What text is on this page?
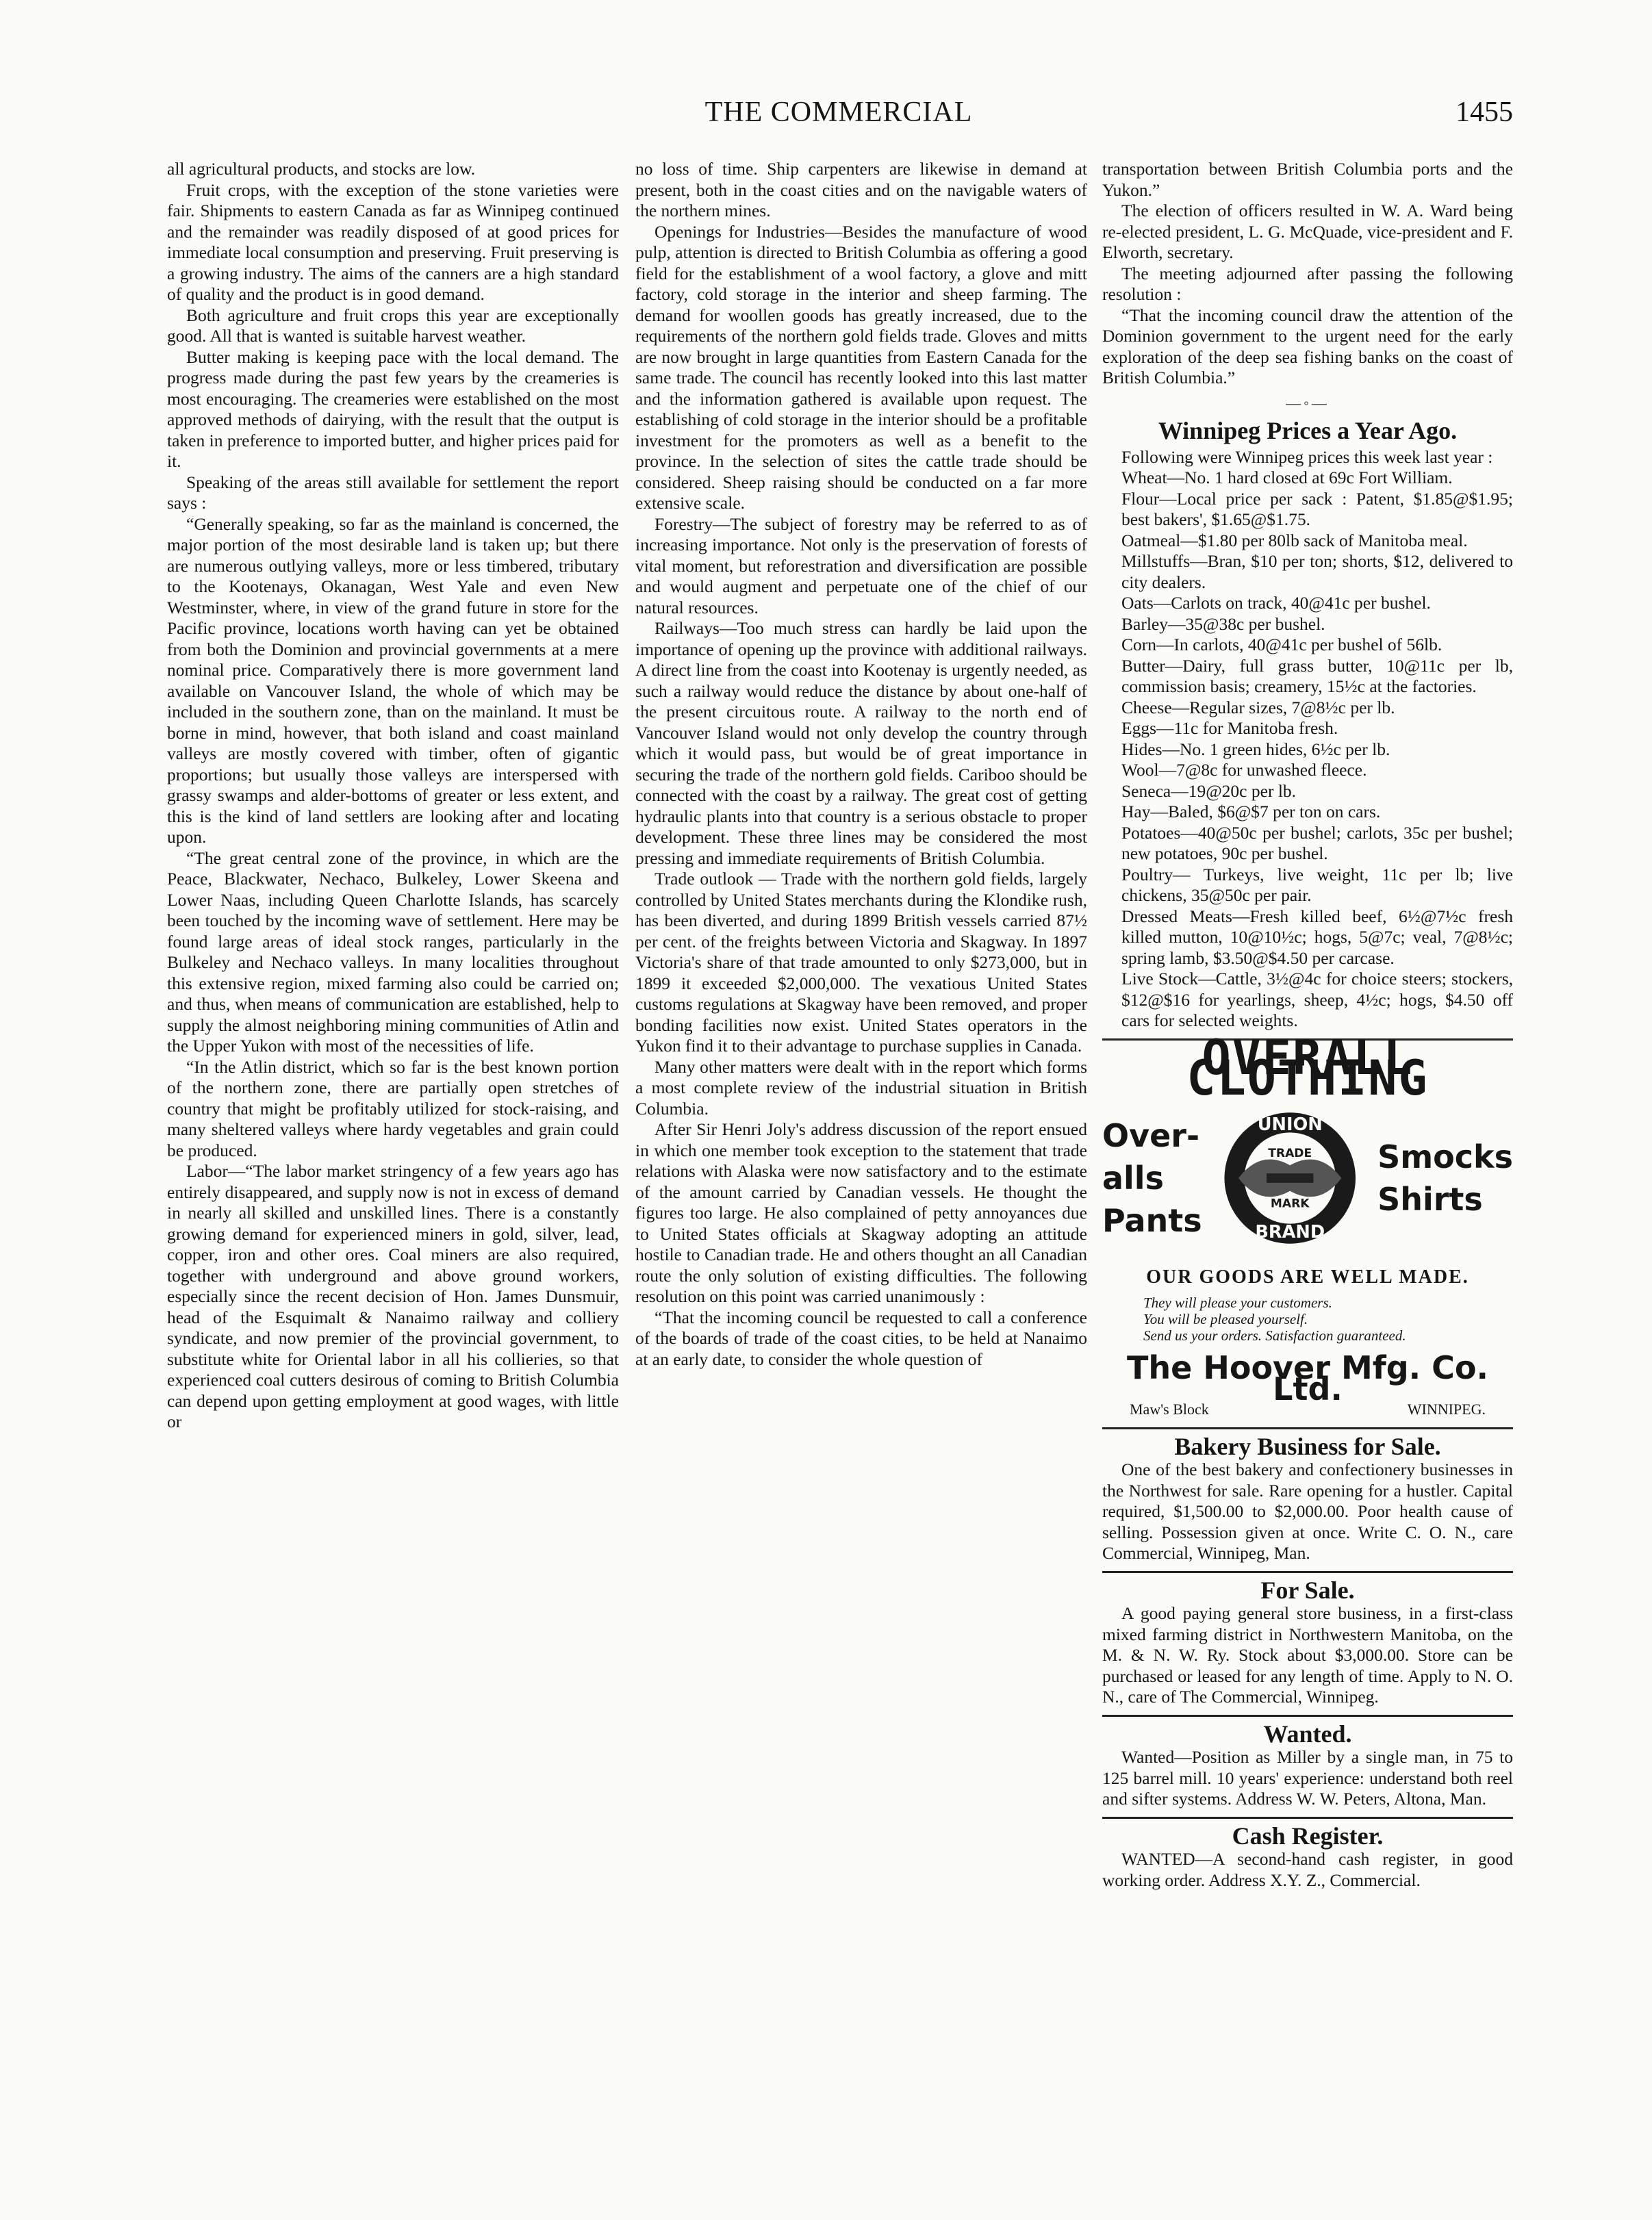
THE COMMERCIAL	1455

all agricultural products, and stocks are low.

Fruit crops, with the exception of the stone varieties were fair. Shipments to eastern Canada as far as Winnipeg continued and the remainder was readily disposed of at good prices for immediate local consumption and preserving. Fruit preserving is a growing industry. The aims of the canners are a high standard of quality and the product is in good demand.

Both agriculture and fruit crops this year are exceptionally good. All that is wanted is suitable harvest weather.

Butter making is keeping pace with the local demand. The progress made during the past few years by the creameries is most encouraging. The creameries were established on the most approved methods of dairying, with the result that the output is taken in preference to imported butter, and higher prices paid for it.

Speaking of the areas still available for settlement the report says :

“Generally speaking, so far as the mainland is concerned, the major portion of the most desirable land is taken up; but there are numerous outlying valleys, more or less timbered, tributary to the Kootenays, Okanagan, West Yale and even New Westminster, where, in view of the grand future in store for the Pacific province, locations worth having can yet be obtained from both the Dominion and provincial governments at a mere nominal price. Comparatively there is more government land available on Vancouver Island, the whole of which may be included in the southern zone, than on the mainland. It must be borne in mind, however, that both island and coast mainland valleys are mostly covered with timber, often of gigantic proportions; but usually those valleys are interspersed with grassy swamps and alder-bottoms of greater or less extent, and this is the kind of land settlers are looking after and locating upon.

“The great central zone of the province, in which are the Peace, Blackwater, Nechaco, Bulkeley, Lower Skeena and Lower Naas, including Queen Charlotte Islands, has scarcely been touched by the incoming wave of settlement. Here may be found large areas of ideal stock ranges, particularly in the Bulkeley and Nechaco valleys. In many localities throughout this extensive region, mixed farming also could be carried on; and thus, when means of communication are established, help to supply the almost neighboring mining communities of Atlin and the Upper Yukon with most of the necessities of life.

“In the Atlin district, which so far is the best known portion of the northern zone, there are partially open stretches of country that might be profitably utilized for stock-raising, and many sheltered valleys where hardy vegetables and grain could be produced.

Labor—“The labor market stringency of a few years ago has entirely disappeared, and supply now is not in excess of demand in nearly all skilled and unskilled lines. There is a constantly growing demand for experienced miners in gold, silver, lead, copper, iron and other ores. Coal miners are also required, together with underground and above ground workers, especially since the recent decision of Hon. James Dunsmuir, head of the Esquimalt & Nanaimo railway and colliery syndicate, and now premier of the provincial government, to substitute white for Oriental labor in all his collieries, so that experienced coal cutters desirous of coming to British Columbia can depend upon getting employment at good wages, with little or

no loss of time. Ship carpenters are likewise in demand at present, both in the coast cities and on the navigable waters of the northern mines.

Openings for Industries—Besides the manufacture of wood pulp, attention is directed to British Columbia as offering a good field for the establishment of a wool factory, a glove and mitt factory, cold storage in the interior and sheep farming. The demand for woollen goods has greatly increased, due to the requirements of the northern gold fields trade. Gloves and mitts are now brought in large quantities from Eastern Canada for the same trade. The council has recently looked into this last matter and the information gathered is available upon request. The establishing of cold storage in the interior should be a profitable investment for the promoters as well as a benefit to the province. In the selection of sites the cattle trade should be considered. Sheep raising should be conducted on a far more extensive scale.

Forestry—The subject of forestry may be referred to as of increasing importance. Not only is the preservation of forests of vital moment, but reforestration and diversification are possible and would augment and perpetuate one of the chief of our natural resources.

Railways—Too much stress can hardly be laid upon the importance of opening up the province with additional railways. A direct line from the coast into Kootenay is urgently needed, as such a railway would reduce the distance by about one-half of the present circuitous route. A railway to the north end of Vancouver Island would not only develop the country through which it would pass, but would be of great importance in securing the trade of the northern gold fields. Cariboo should be connected with the coast by a railway. The great cost of getting hydraulic plants into that country is a serious obstacle to proper development. These three lines may be considered the most pressing and immediate requirements of British Columbia.

Trade outlook — Trade with the northern gold fields, largely controlled by United States merchants during the Klondike rush, has been diverted, and during 1899 British vessels carried 87½ per cent. of the freights between Victoria and Skagway. In 1897 Victoria's share of that trade amounted to only $273,000, but in 1899 it exceeded $2,000,000. The vexatious United States customs regulations at Skagway have been removed, and proper bonding facilities now exist. United States operators in the Yukon find it to their advantage to purchase supplies in Canada.

Many other matters were dealt with in the report which forms a most complete review of the industrial situation in British Columbia.

After Sir Henri Joly's address discussion of the report ensued in which one member took exception to the statement that trade relations with Alaska were now satisfactory and to the estimate of the amount carried by Canadian vessels. He thought the figures too large. He also complained of petty annoyances due to United States officials at Skagway adopting an attitude hostile to Canadian trade. He and others thought an all Canadian route the only solution of existing difficulties. The following resolution on this point was carried unanimously :

“That the incoming council be requested to call a conference of the boards of trade of the coast cities, to be held at Nanaimo at an early date, to consider the whole question of

transportation between British Columbia ports and the Yukon.”

The election of officers resulted in W. A. Ward being re-elected president, L. G. McQuade, vice-president and F. Elworth, secretary.

The meeting adjourned after passing the following resolution :

“That the incoming council draw the attention of the Dominion government to the urgent need for the early exploration of the deep sea fishing banks on the coast of British Columbia.”

—◦—
Winnipeg Prices a Year Ago.

Following were Winnipeg prices this week last year :

Wheat—No. 1 hard closed at 69c Fort William.

Flour—Local price per sack : Patent, $1.85@$1.95; best bakers', $1.65@$1.75.

Oatmeal—$1.80 per 80lb sack of Manitoba meal.

Millstuffs—Bran, $10 per ton; shorts, $12, delivered to city dealers.

Oats—Carlots on track, 40@41c per bushel.

Barley—35@38c per bushel.

Corn—In carlots, 40@41c per bushel of 56lb.

Butter—Dairy, full grass butter, 10@11c per lb, commission basis; creamery, 15½c at the factories.

Cheese—Regular sizes, 7@8½c per lb.

Eggs—11c for Manitoba fresh.

Hides—No. 1 green hides, 6½c per lb.

Wool—7@8c for unwashed fleece.

Seneca—19@20c per lb.

Hay—Baled, $6@$7 per ton on cars.

Potatoes—40@50c per bushel; carlots, 35c per bushel; new potatoes, 90c per bushel.

Poultry— Turkeys, live weight, 11c per lb; live chickens, 35@50c per pair.

Dressed Meats—Fresh killed beef, 6½@7½c fresh killed mutton, 10@10½c; hogs, 5@7c; veal, 7@8½c; spring lamb, $3.50@$4.50 per carcase.

Live Stock—Cattle, 3½@4c for choice steers; stockers, $12@$16 for yearlings, sheep, 4½c; hogs, $4.50 off cars for selected weights.

OVERALL CLOTHING
Over-
alls
Pants
UNION
TRADE
MARK
BRAND
Smocks
Shirts
OUR GOODS ARE WELL MADE.
They will please your customers.
You will be pleased yourself.
Send us your orders. Satisfaction guaranteed.
The Hoover Mfg. Co. Ltd.
Maw's Block	WINNIPEG.
Bakery Business for Sale.

One of the best bakery and confectionery businesses in the Northwest for sale. Rare opening for a hustler. Capital required, $1,500.00 to $2,000.00. Poor health cause of selling. Possession given at once. Write C. O. N., care Commercial, Winnipeg, Man.

For Sale.

A good paying general store business, in a first-class mixed farming district in Northwestern Manitoba, on the M. & N. W. Ry. Stock about $3,000.00. Store can be purchased or leased for any length of time. Apply to N. O. N., care of The Commercial, Winnipeg.

Wanted.

Wanted—Position as Miller by a single man, in 75 to 125 barrel mill. 10 years' experience: understand both reel and sifter systems. Address W. W. Peters, Altona, Man.

Cash Register.

WANTED—A second-hand cash register, in good working order. Address X.Y. Z., Commercial.
